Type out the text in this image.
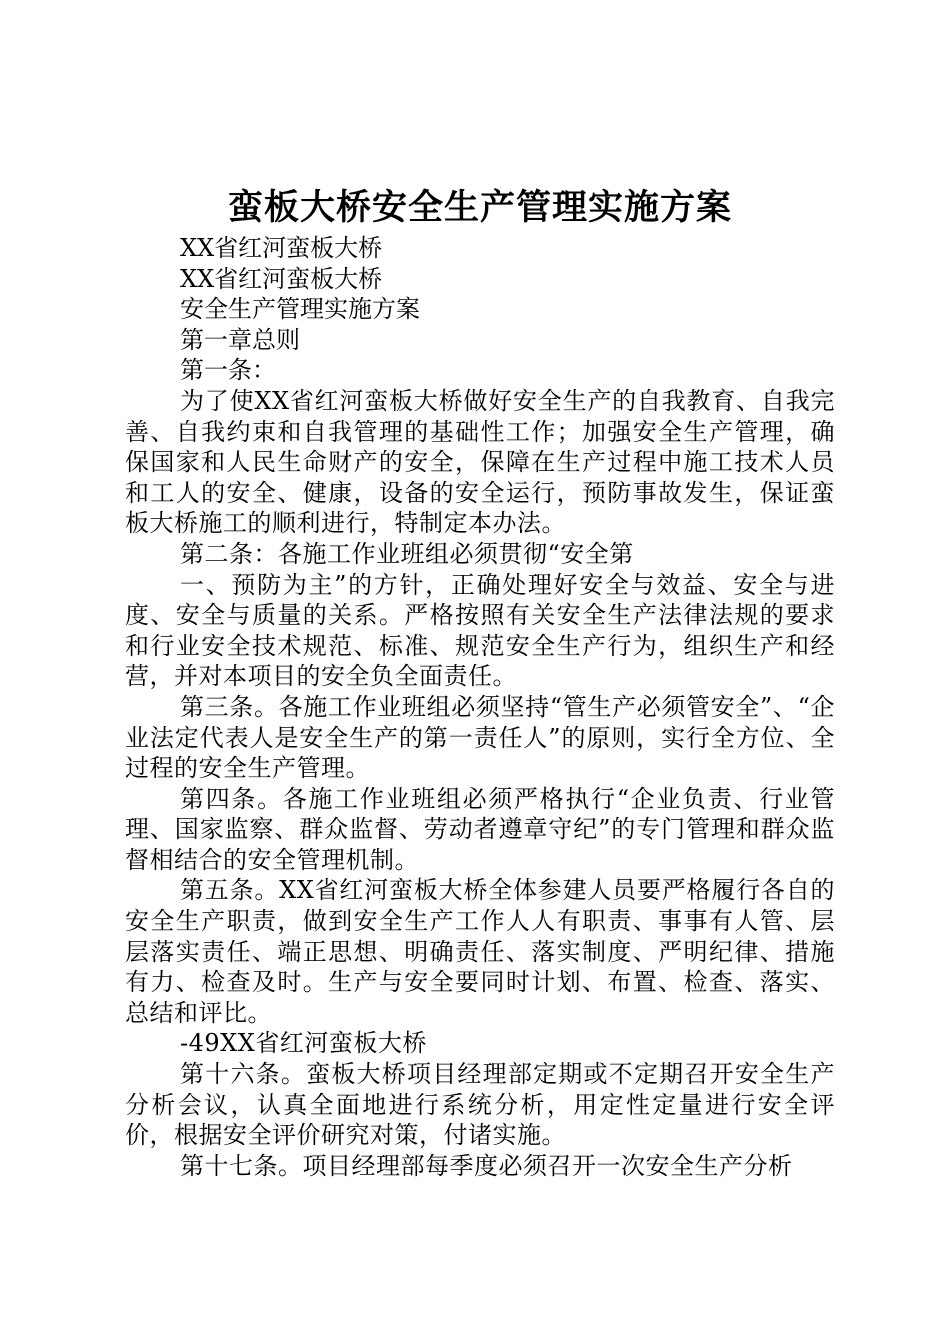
蛮板大桥安全生产管理实施方案

XX省红河蛮板大桥

XX省红河蛮板大桥

安全生产管理实施方案

第一章总则

第一条：

为了使XX省红河蛮板大桥做好安全生产的自我教育、自我完善、自我约束和自我管理的基础性工作；加强安全生产管理，确保国家和人民生命财产的安全，保障在生产过程中施工技术人员和工人的安全、健康，设备的安全运行，预防事故发生，保证蛮板大桥施工的顺利进行，特制定本办法。

第二条：各施工作业班组必须贯彻“安全第

一、预防为主”的方针，正确处理好安全与效益、安全与进度、安全与质量的关系。严格按照有关安全生产法律法规的要求和行业安全技术规范、标准、规范安全生产行为，组织生产和经营，并对本项目的安全负全面责任。

第三条。各施工作业班组必须坚持“管生产必须管安全”、“企业法定代表人是安全生产的第一责任人”的原则，实行全方位、全过程的安全生产管理。

第四条。各施工作业班组必须严格执行“企业负责、行业管理、国家监察、群众监督、劳动者遵章守纪”的专门管理和群众监督相结合的安全管理机制。

第五条。XX省红河蛮板大桥全体参建人员要严格履行各自的安全生产职责，做到安全生产工作人人有职责、事事有人管、层层落实责任、端正思想、明确责任、落实制度、严明纪律、措施有力、检查及时。生产与安全要同时计划、布置、检查、落实、总结和评比。

-49XX省红河蛮板大桥

第十六条。蛮板大桥项目经理部定期或不定期召开安全生产分析会议，认真全面地进行系统分析，用定性定量进行安全评价，根据安全评价研究对策，付诸实施。

第十七条。项目经理部每季度必须召开一次安全生产分析
